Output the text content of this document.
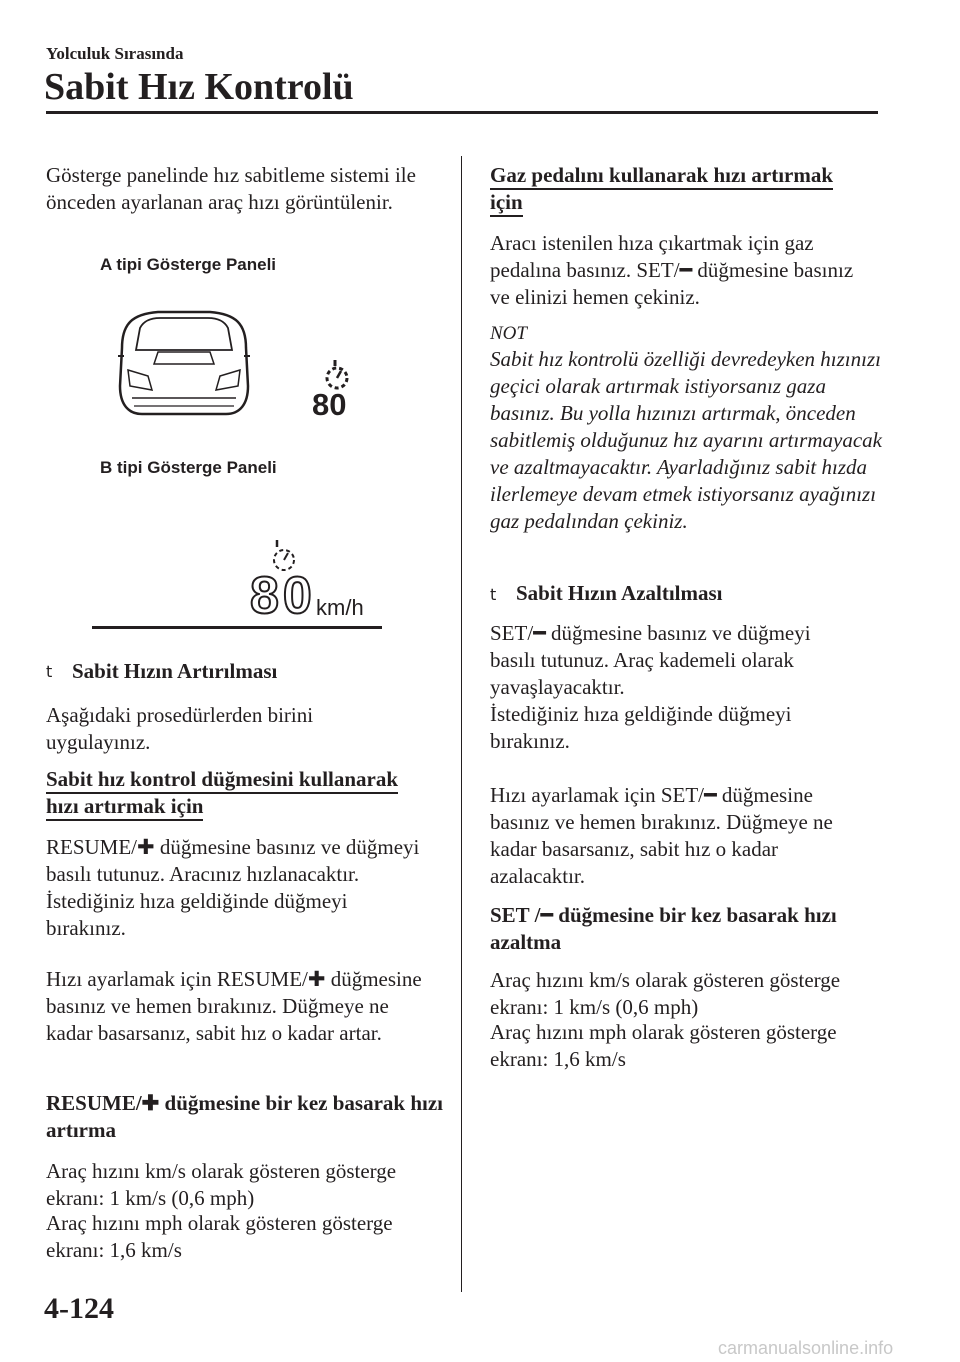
Yolculuk Sırasında
Sabit Hız Kontrolü

Gösterge panelinde hız sabitleme sistemi ile önceden ayarlanan araç hızı görüntülenir.

A tipi Gösterge Paneli
80
B tipi Gösterge Paneli
80 km/h
t Sabit Hızın Artırılması

Aşağıdaki prosedürlerden birini uygulayınız.

Sabit hız kontrol düğmesini kullanarak
hızı artırmak için

RESUME/✚ düğmesine basınız ve düğmeyi basılı tutunuz. Aracınız hızlanacaktır. İstediğiniz hıza geldiğinde düğmeyi bırakınız.

Hızı ayarlamak için RESUME/✚ düğmesine basınız ve hemen bırakınız. Düğmeye ne kadar basarsanız, sabit hız o kadar artar.

RESUME/✚ düğmesine bir kez basarak hızı artırma

Araç hızını km/s olarak gösteren gösterge ekranı: 1 km/s (0,6 mph)

Araç hızını mph olarak gösteren gösterge ekranı: 1,6 km/s

Gaz pedalını kullanarak hızı artırmak
için

Aracı istenilen hıza çıkartmak için gaz pedalına basınız. SET/━ düğmesine basınız ve elinizi hemen çekiniz.

NOT

Sabit hız kontrolü özelliği devredeyken hızınızı geçici olarak artırmak istiyorsanız gaza basınız. Bu yolla hızınızı artırmak, önceden sabitlemiş olduğunuz hız ayarını artırmayacak ve azaltmayacaktır. Ayarladığınız sabit hızda ilerlemeye devam etmek istiyorsanız ayağınızı gaz pedalından çekiniz.

t Sabit Hızın Azaltılması

SET/━ düğmesine basınız ve düğmeyi basılı tutunuz. Araç kademeli olarak yavaşlayacaktır.

İstediğiniz hıza geldiğinde düğmeyi bırakınız.

Hızı ayarlamak için SET/━ düğmesine basınız ve hemen bırakınız. Düğmeye ne kadar basarsanız, sabit hız o kadar azalacaktır.

SET /━ düğmesine bir kez basarak hızı azaltma

Araç hızını km/s olarak gösteren gösterge ekranı: 1 km/s (0,6 mph)

Araç hızını mph olarak gösteren gösterge ekranı: 1,6 km/s

4-124
carmanualsonline.info
